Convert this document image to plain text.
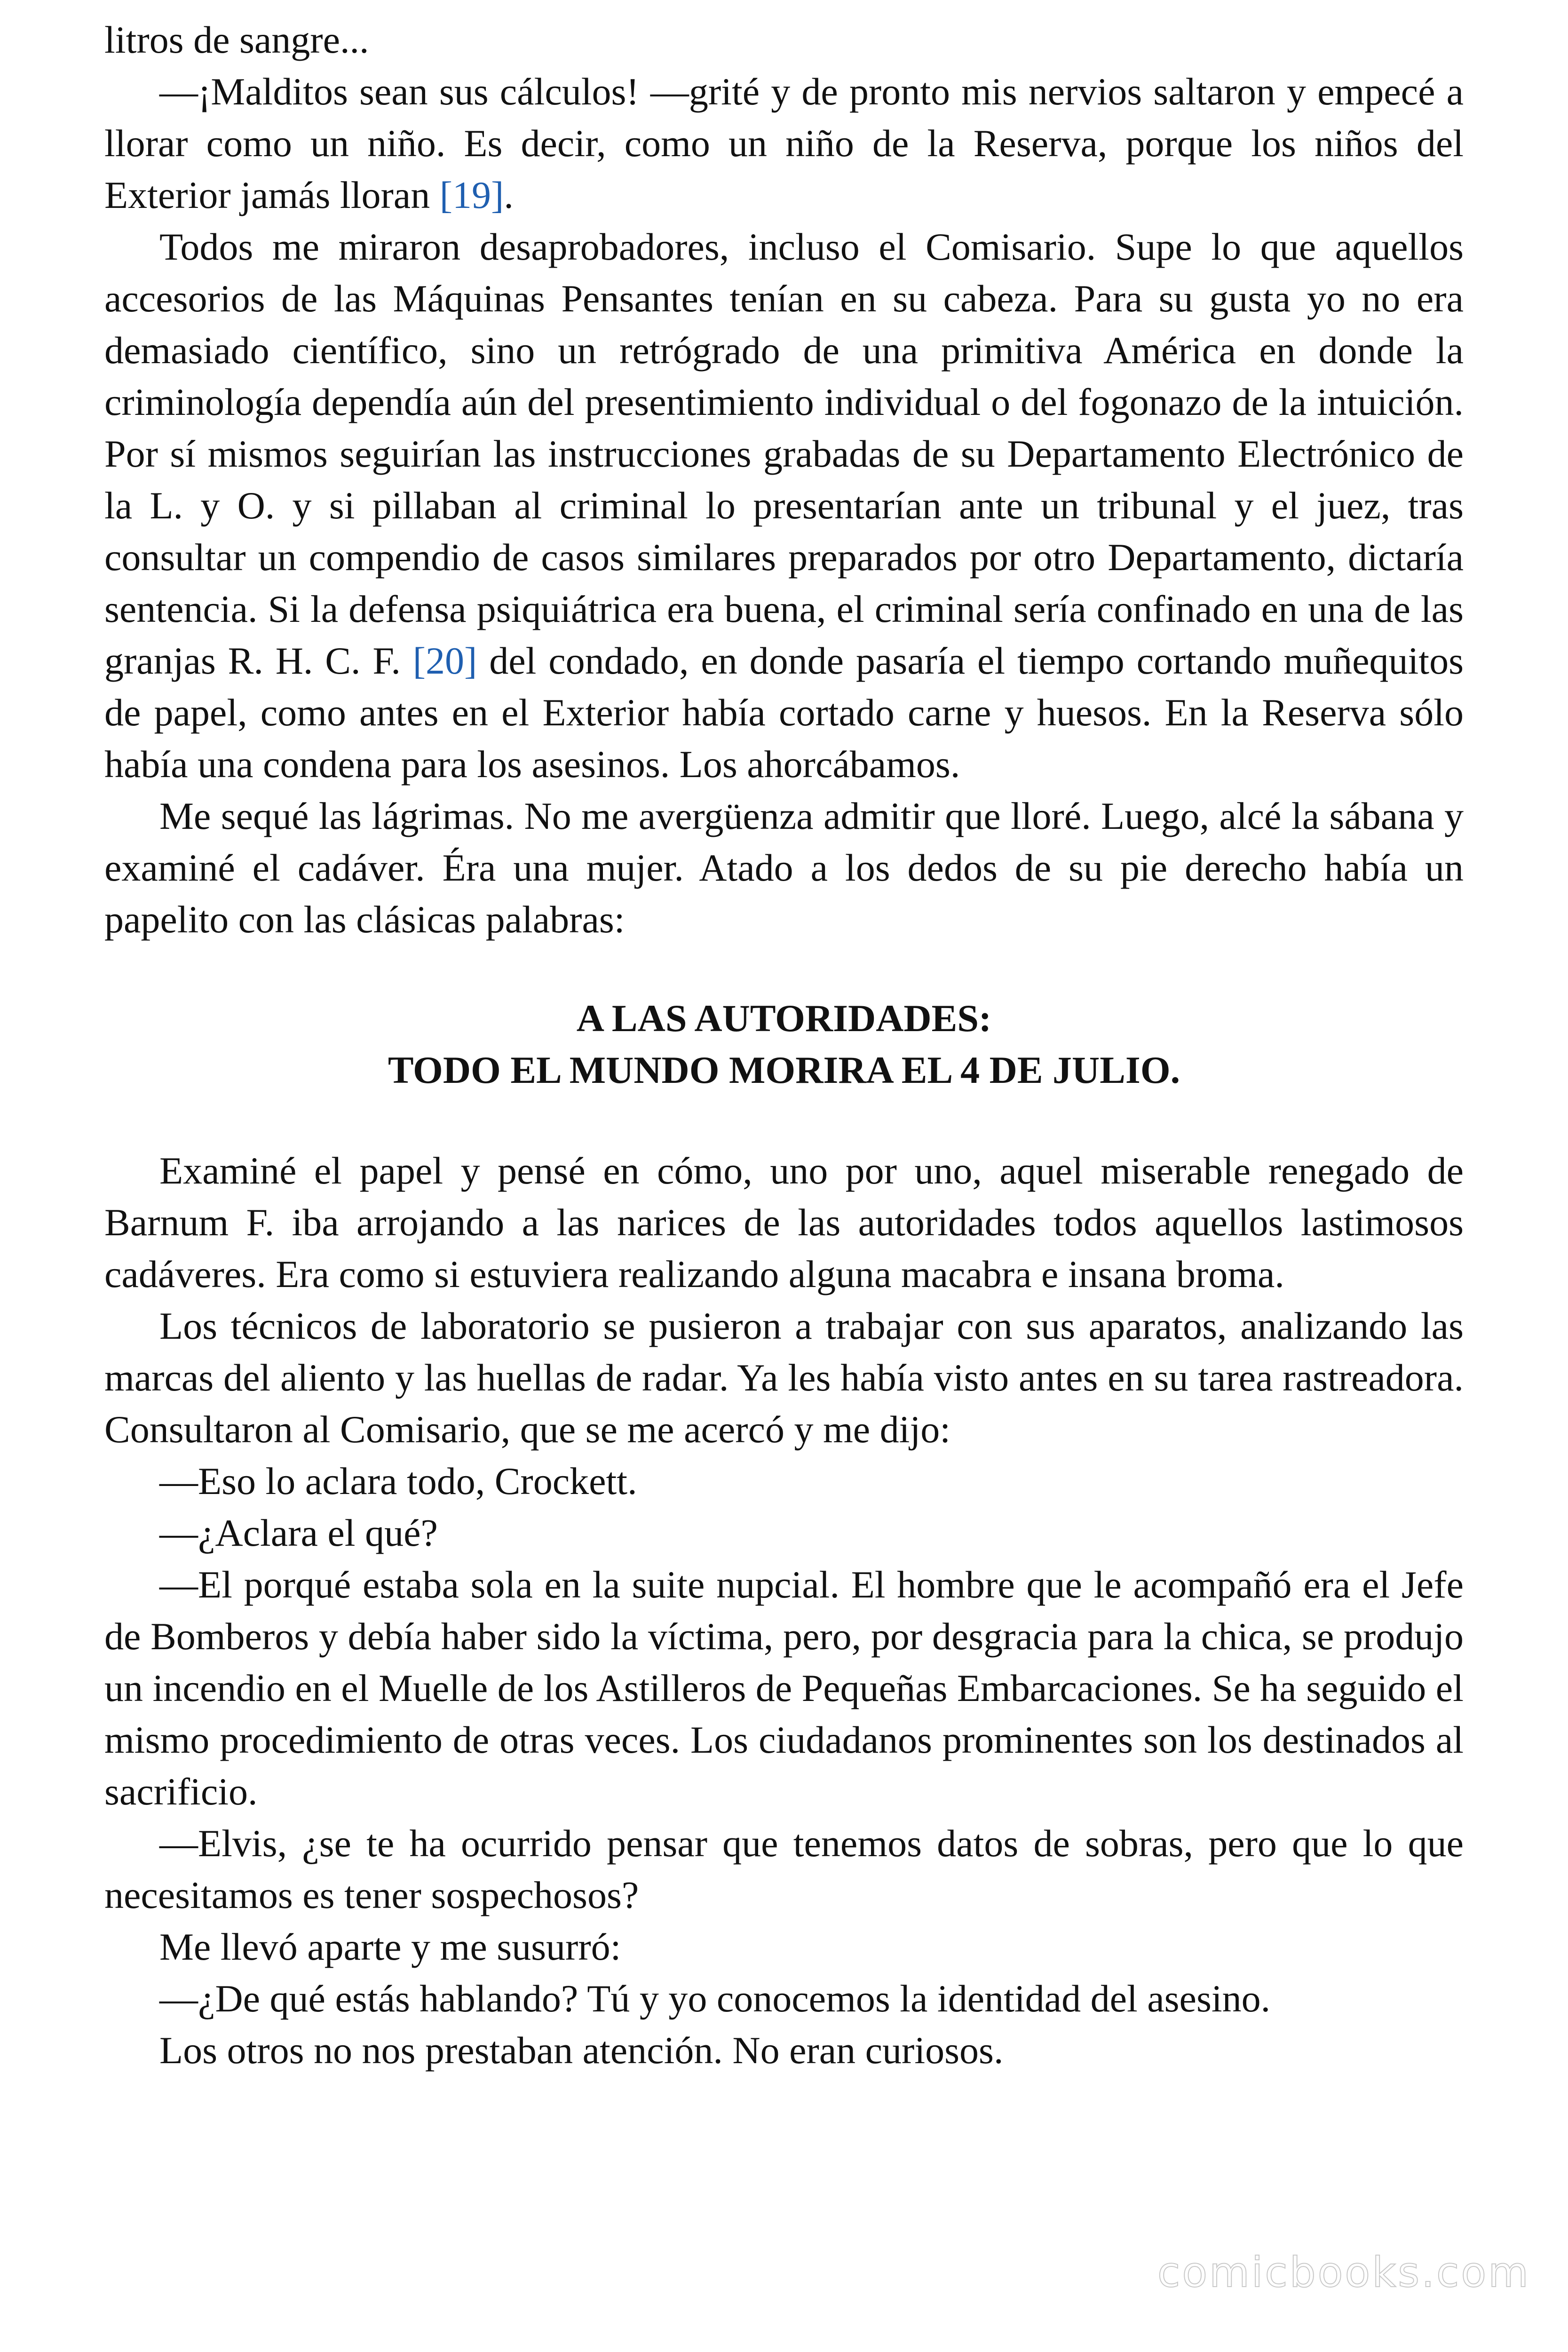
litros de sangre...

—¡Malditos sean sus cálculos! —grité y de pronto mis nervios saltaron y empecé a llorar como un niño. Es decir, como un niño de la Reserva, porque los niños del Exterior jamás lloran [19].

Todos me miraron desaprobadores, incluso el Comisario. Supe lo que aquellos accesorios de las Máquinas Pensantes tenían en su cabeza. Para su gusta yo no era demasiado científico, sino un retrógrado de una primitiva América en donde la criminología dependía aún del presentimiento individual o del fogonazo de la intuición. Por sí mismos seguirían las instrucciones grabadas de su Departamento Electrónico de la L. y O. y si pillaban al criminal lo presentarían ante un tribunal y el juez, tras consultar un compendio de casos similares preparados por otro Departamento, dictaría sentencia. Si la defensa psiquiátrica era buena, el criminal sería confinado en una de las granjas R. H. C. F. [20] del condado, en donde pasaría el tiempo cortando muñequitos de papel, como antes en el Exterior había cortado carne y huesos. En la Reserva sólo había una condena para los asesinos. Los ahorcábamos.

Me sequé las lágrimas. No me avergüenza admitir que lloré. Luego, alcé la sábana y examiné el cadáver. Éra una mujer. Atado a los dedos de su pie derecho había un papelito con las clásicas palabras:

A LAS AUTORIDADES:
TODO EL MUNDO MORIRA EL 4 DE JULIO.

Examiné el papel y pensé en cómo, uno por uno, aquel miserable renegado de Barnum F. iba arrojando a las narices de las autoridades todos aquellos lastimosos cadáveres. Era como si estuviera realizando alguna macabra e insana broma.

Los técnicos de laboratorio se pusieron a trabajar con sus aparatos, analizando las marcas del aliento y las huellas de radar. Ya les había visto antes en su tarea rastreadora. Consultaron al Comisario, que se me acercó y me dijo:

—Eso lo aclara todo, Crockett.

—¿Aclara el qué?

—El porqué estaba sola en la suite nupcial. El hombre que le acompañó era el Jefe de Bomberos y debía haber sido la víctima, pero, por desgracia para la chica, se produjo un incendio en el Muelle de los Astilleros de Pequeñas Embarcaciones. Se ha seguido el mismo procedimiento de otras veces. Los ciudadanos prominentes son los destinados al sacrificio.

—Elvis, ¿se te ha ocurrido pensar que tenemos datos de sobras, pero que lo que necesitamos es tener sospechosos?

Me llevó aparte y me susurró:

—¿De qué estás hablando? Tú y yo conocemos la identidad del asesino.

Los otros no nos prestaban atención. No eran curiosos.

comicbooks.com
